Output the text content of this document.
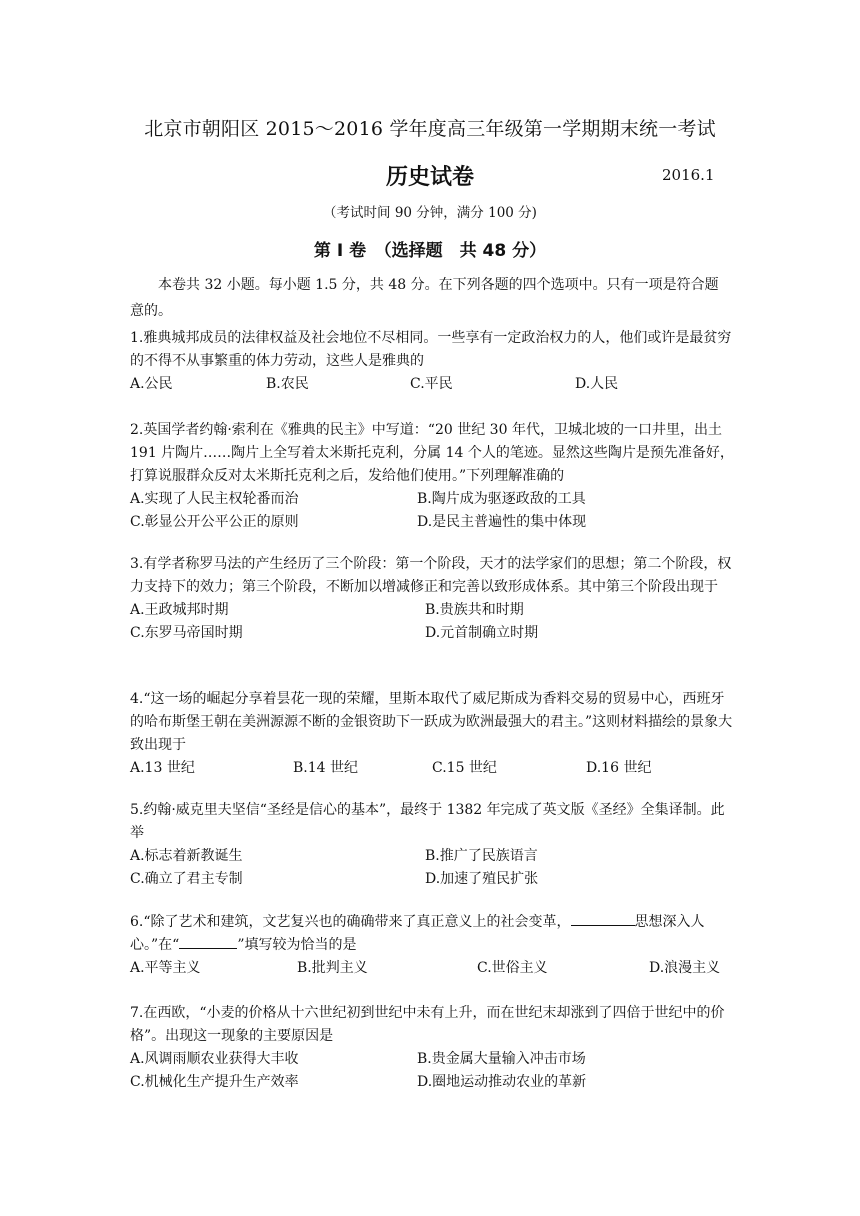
北京市朝阳区 2015～2016 学年度高三年级第一学期期末统一考试
历史试卷	2016.1
（考试时间 90 分钟，满分 100 分)
第 I 卷　（选择题　共 48 分）
本卷共 32 小题。每小题 1.5 分，共 48 分。在下列各题的四个选项中。只有一项是符合题意的。
1.雅典城邦成员的法律权益及社会地位不尽相同。一些享有一定政治权力的人，他们或许是最贫穷的不得不从事繁重的体力劳动，这些人是雅典的
A.公民	B.农民	C.平民	D.人民
2.英国学者约翰·索利在《雅典的民主》中写道：“20 世纪 30 年代，卫城北坡的一口井里，出土 191 片陶片……陶片上全写着太米斯托克利，分属 14 个人的笔迹。显然这些陶片是预先准备好，打算说服群众反对太米斯托克利之后，发给他们使用。”下列理解准确的
A.实现了人民主权轮番而治	B.陶片成为驱逐政敌的工具
C.彰显公开公平公正的原则	D.是民主普遍性的集中体现
3.有学者称罗马法的产生经历了三个阶段：第一个阶段，天才的法学家们的思想；第二个阶段，权力支持下的效力；第三个阶段，不断加以增减修正和完善以致形成体系。其中第三个阶段出现于
A.王政城邦时期	B.贵族共和时期
C.东罗马帝国时期	D.元首制确立时期
4.“这一场的崛起分享着昙花一现的荣耀，里斯本取代了威尼斯成为香料交易的贸易中心，西班牙的哈布斯堡王朝在美洲源源不断的金银资助下一跃成为欧洲最强大的君主。”这则材料描绘的景象大致出现于
A.13 世纪	B.14 世纪	C.15 世纪	D.16 世纪
5.约翰·威克里夫坚信“圣经是信心的基本”，最终于 1382 年完成了英文版《圣经》全集译制。此举
A.标志着新教诞生	B.推广了民族语言
C.确立了君主专制	D.加速了殖民扩张
6.“除了艺术和建筑，文艺复兴也的确确带来了真正意义上的社会变革，	思想深入人心。”在“	”填写较为恰当的是
A.平等主义	B.批判主义	C.世俗主义	D.浪漫主义
7.在西欧，“小麦的价格从十六世纪初到世纪中未有上升，而在世纪末却涨到了四倍于世纪中的价格”。出现这一现象的主要原因是
A.风调雨顺农业获得大丰收	B.贵金属大量输入冲击市场
C.机械化生产提升生产效率	D.圈地运动推动农业的革新
